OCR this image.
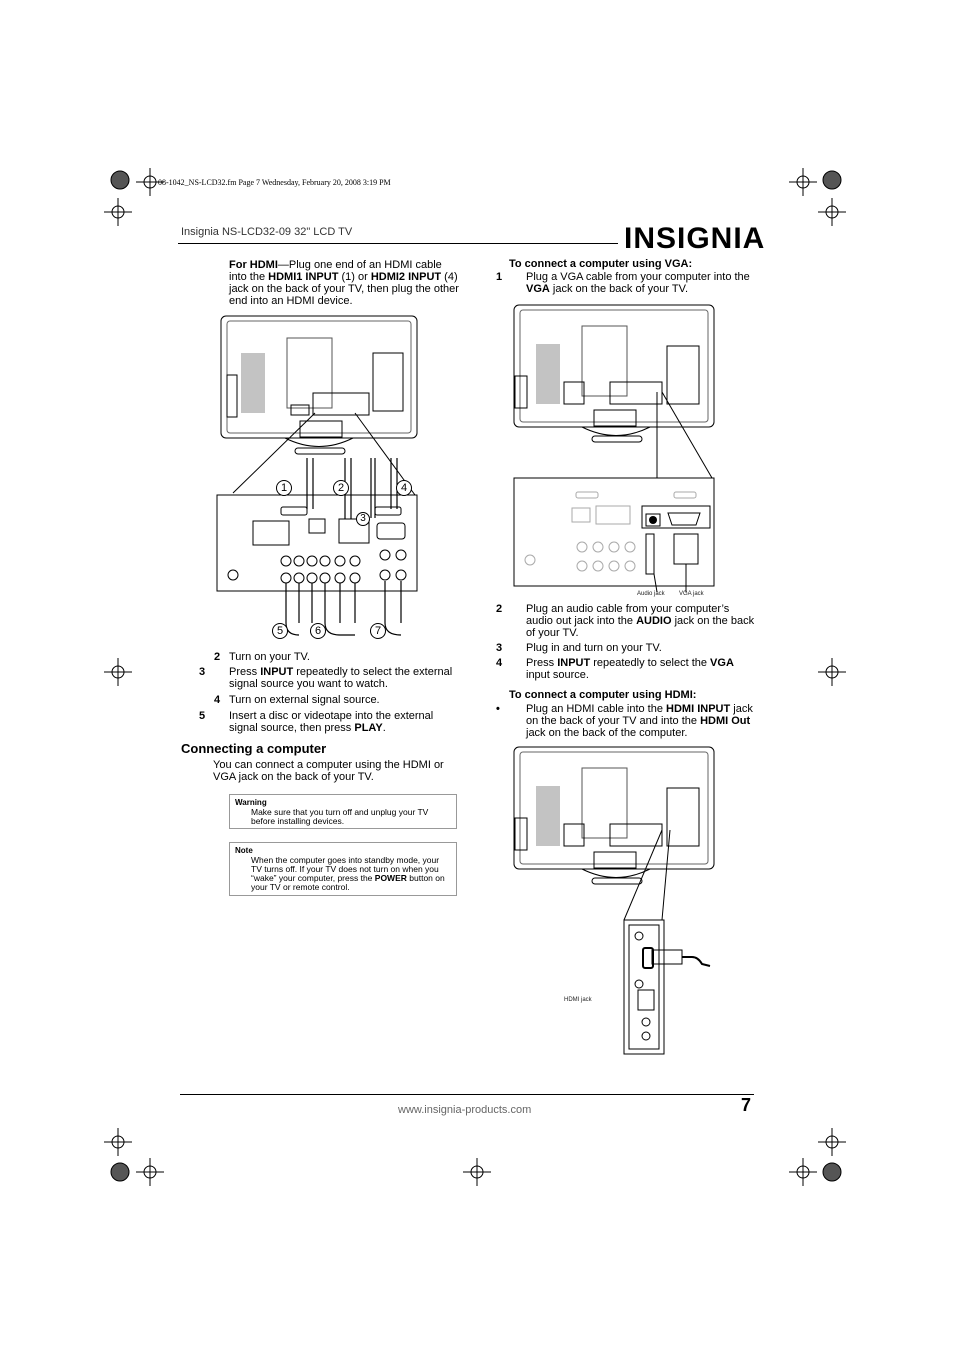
08-1042_NS-LCD32.fm Page 7 Wednesday, February 20, 2008 3:19 PM
Insignia NS-LCD32-09 32" LCD TV	INSIGNIA
For HDMI—Plug one end of an HDMI cable into the HDMI1 INPUT (1) or HDMI2 INPUT (4) jack on the back of your TV, then plug the other end into an HDMI device.
1	2
3
4
5	6	7
2 Turn on your TV.
3 Press INPUT repeatedly to select the external signal source you want to watch.
4 Turn on external signal source.
5 Insert a disc or videotape into the external signal source, then press PLAY.
Connecting a computer
You can connect a computer using the HDMI or VGA jack on the back of your TV.
Warning
Make sure that you turn off and unplug your TV before installing devices.
Note
When the computer goes into standby mode, your TV turns off. If your TV does not turn on when you “wake” your computer, press the POWER button on your TV or remote control.
To connect a computer using VGA:
1 Plug a VGA cable from your computer into the VGA jack on the back of your TV.
Audio jack VGA jack
2 Plug an audio cable from your computer’s audio out jack into the AUDIO jack on the back of your TV.
3 Plug in and turn on your TV.
4 Press INPUT repeatedly to select the VGA input source.
To connect a computer using HDMI:
• Plug an HDMI cable into the HDMI INPUT jack on the back of your TV and into the HDMI Out jack on the back of the computer.
HDMI jack
7
www.insignia-products.com
